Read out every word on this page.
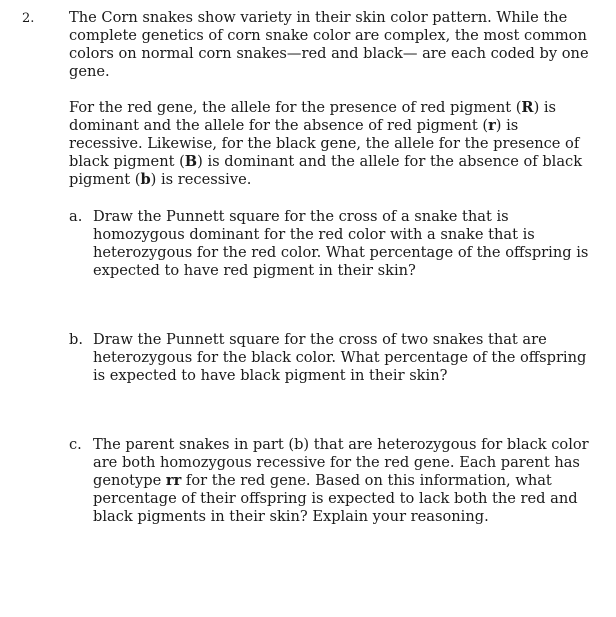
2. The Corn snakes show variety in their skin color pattern. While the complete genetics of corn snake color are complex, the most common colors on normal corn snakes—red and black— are each coded by one gene.

For the red gene, the allele for the presence of red pigment (R) is dominant and the allele for the absence of red pigment (r) is recessive. Likewise, for the black gene, the allele for the presence of black pigment (B) is dominant and the allele for the absence of black pigment (b) is recessive.

a. Draw the Punnett square for the cross of a snake that is homozygous dominant for the red color with a snake that is heterozygous for the red color. What percentage of the offspring is expected to have red pigment in their skin?
b. Draw the Punnett square for the cross of two snakes that are heterozygous for the black color. What percentage of the offspring is expected to have black pigment in their skin?
c. The parent snakes in part (b) that are heterozygous for black color are both homozygous recessive for the red gene. Each parent has genotype rr for the red gene. Based on this information, what percentage of their offspring is expected to lack both the red and black pigments in their skin? Explain your reasoning.
